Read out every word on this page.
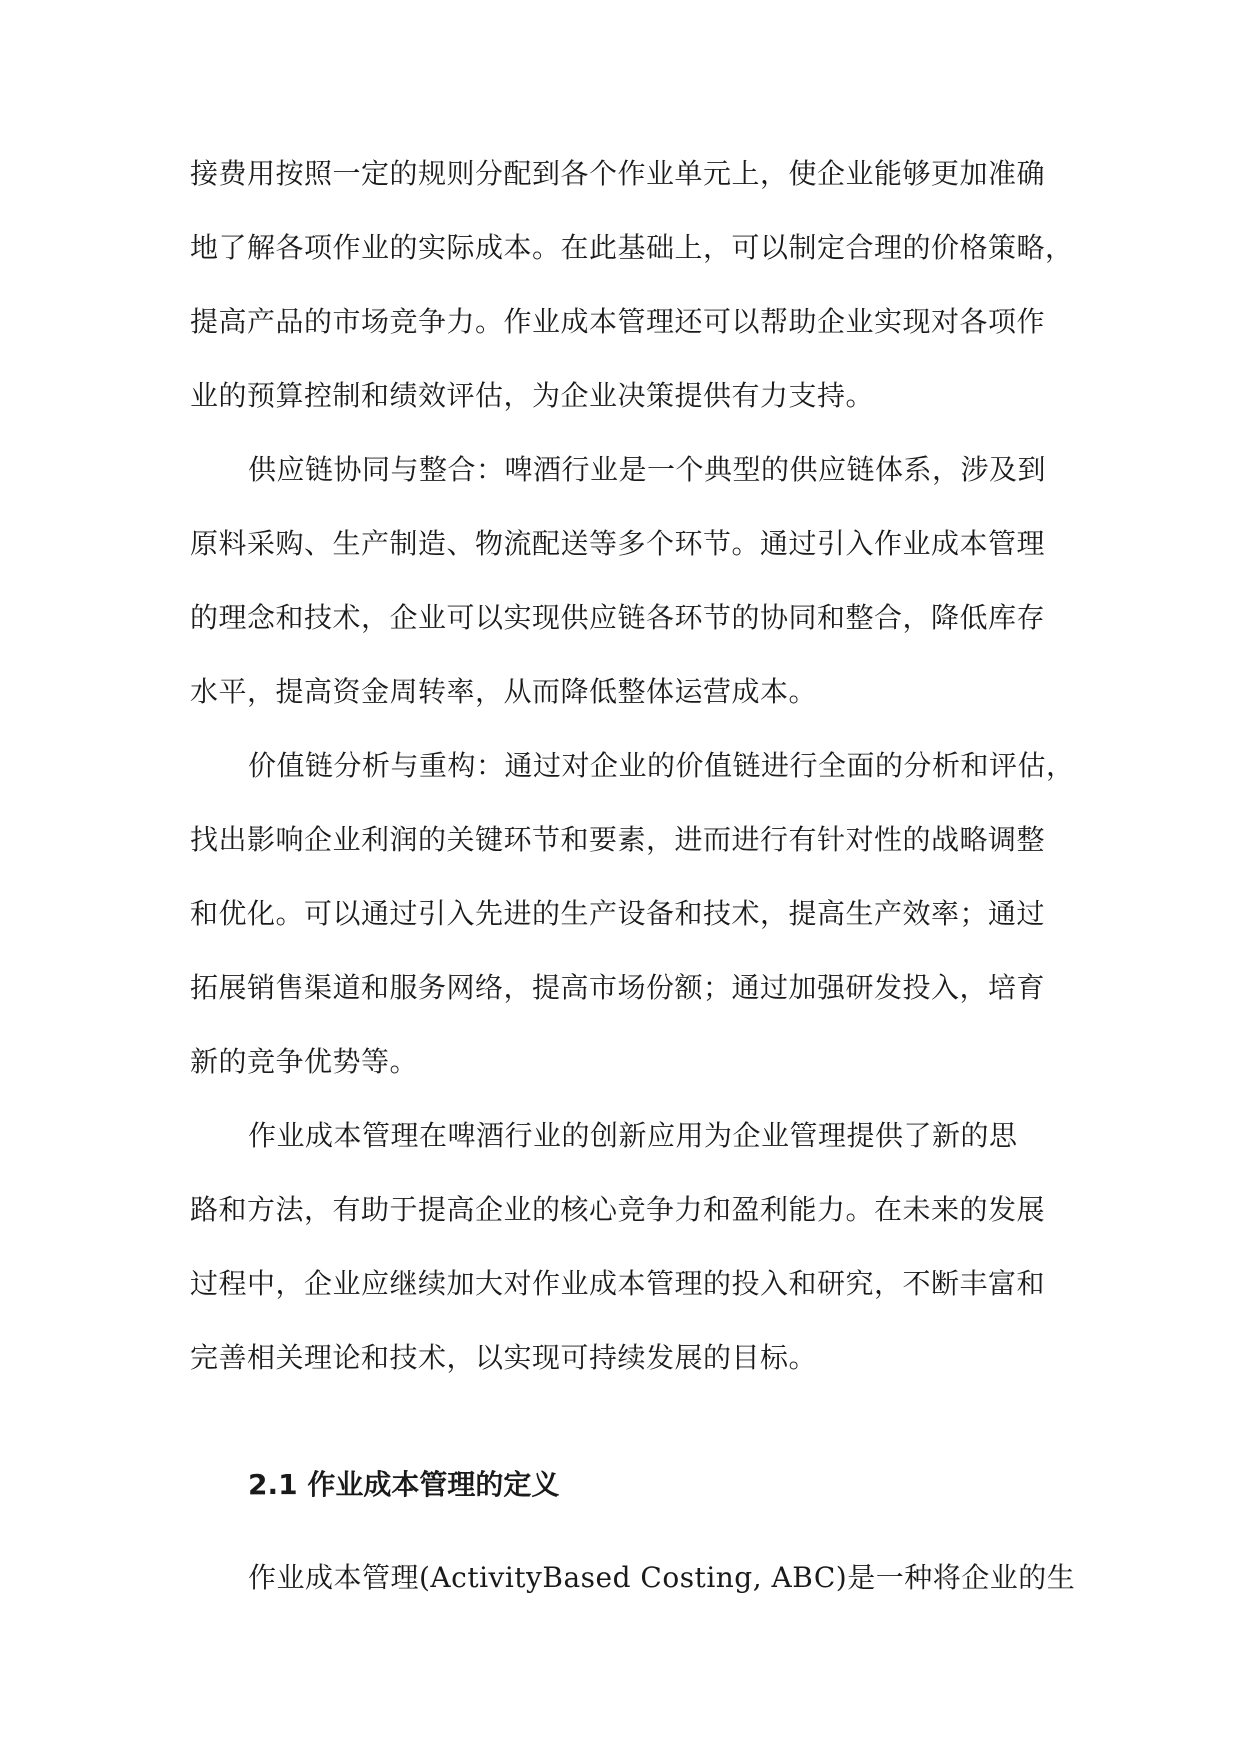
接费用按照一定的规则分配到各个作业单元上，使企业能够更加准确
地了解各项作业的实际成本。在此基础上，可以制定合理的价格策略，
提高产品的市场竞争力。作业成本管理还可以帮助企业实现对各项作
业的预算控制和绩效评估，为企业决策提供有力支持。

供应链协同与整合：啤酒行业是一个典型的供应链体系，涉及到
原料采购、生产制造、物流配送等多个环节。通过引入作业成本管理
的理念和技术，企业可以实现供应链各环节的协同和整合，降低库存
水平，提高资金周转率，从而降低整体运营成本。

价值链分析与重构：通过对企业的价值链进行全面的分析和评估，
找出影响企业利润的关键环节和要素，进而进行有针对性的战略调整
和优化。可以通过引入先进的生产设备和技术，提高生产效率；通过
拓展销售渠道和服务网络，提高市场份额；通过加强研发投入，培育
新的竞争优势等。

作业成本管理在啤酒行业的创新应用为企业管理提供了新的思
路和方法，有助于提高企业的核心竞争力和盈利能力。在未来的发展
过程中，企业应继续加大对作业成本管理的投入和研究，不断丰富和
完善相关理论和技术，以实现可持续发展的目标。

2.1 作业成本管理的定义

作业成本管理(ActivityBased Costing, ABC)是一种将企业的生
